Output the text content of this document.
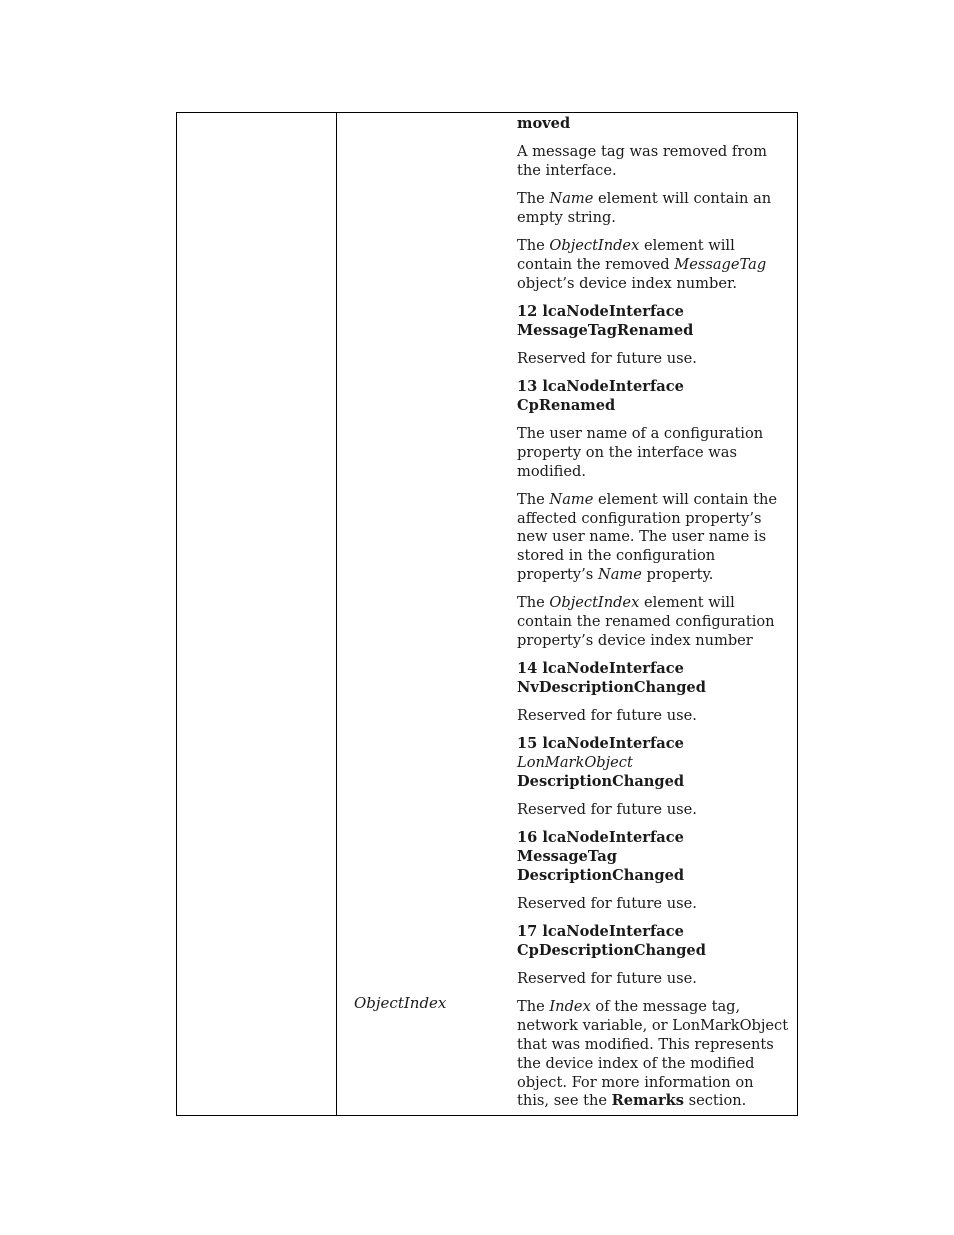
ObjectIndex

moved

A message tag was removed from the interface.

The Name element will contain an empty string.

The ObjectIndex element will contain the removed MessageTag object’s device index number.

12 lcaNodeInterface
MessageTagRenamed

Reserved for future use.

13 lcaNodeInterface
CpRenamed

The user name of a configuration property on the interface was modified.

The Name element will contain the affected configuration property’s new user name. The user name is stored in the configuration property’s Name property.

The ObjectIndex element will contain the renamed configuration property’s device index number

14 lcaNodeInterface
NvDescriptionChanged

Reserved for future use.

15 lcaNodeInterface
LonMarkObject
DescriptionChanged

Reserved for future use.

16 lcaNodeInterface
MessageTag
DescriptionChanged

Reserved for future use.

17 lcaNodeInterface
CpDescriptionChanged

Reserved for future use.

The Index of the message tag, network variable, or LonMarkObject that was modified. This represents the device index of the modified object. For more information on this, see the Remarks section.
